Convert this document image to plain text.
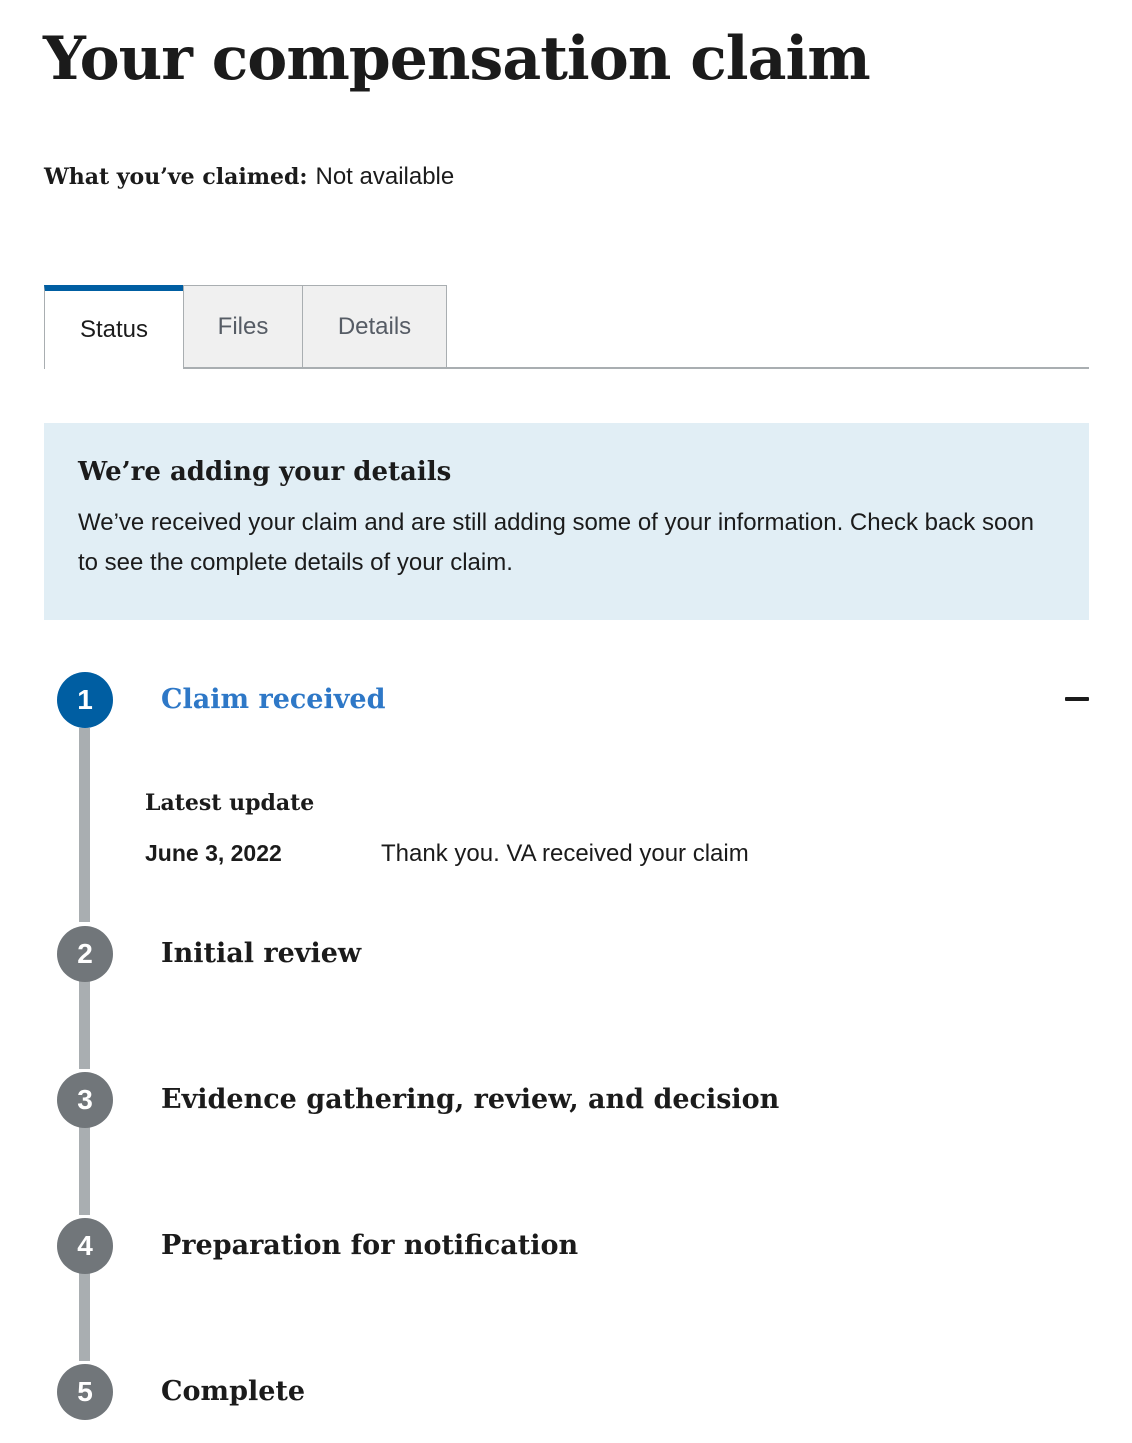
Your compensation claim
What you’ve claimed: Not available
Status	Files	Details
We’re adding your details

We’ve received your claim and are still adding some of your information. Check back soon to see the complete details of your claim.

1	Claim received
Latest update
June 3, 2022	Thank you. VA received your claim
2	Initial review
3	Evidence gathering, review, and decision
4	Preparation for notification
5	Complete
